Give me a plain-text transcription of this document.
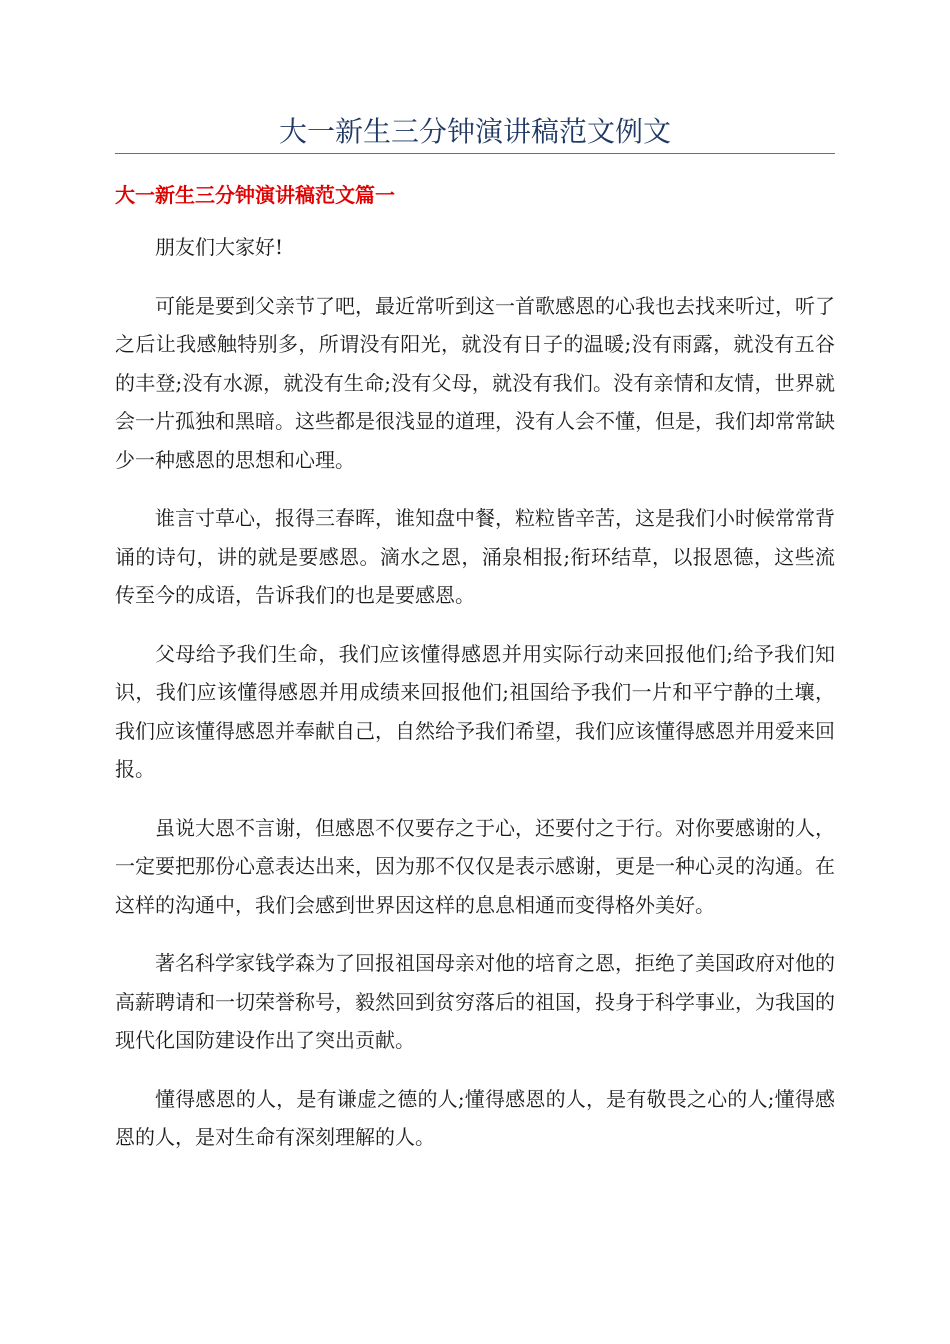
大一新生三分钟演讲稿范文例文
大一新生三分钟演讲稿范文篇一

朋友们大家好!

可能是要到父亲节了吧，最近常听到这一首歌感恩的心我也去找来听过，听了之后让我感触特别多，所谓没有阳光，就没有日子的温暖;没有雨露，就没有五谷的丰登;没有水源，就没有生命;没有父母，就没有我们。没有亲情和友情，世界就会一片孤独和黑暗。这些都是很浅显的道理，没有人会不懂，但是，我们却常常缺少一种感恩的思想和心理。

谁言寸草心，报得三春晖，谁知盘中餐，粒粒皆辛苦，这是我们小时候常常背诵的诗句，讲的就是要感恩。滴水之恩，涌泉相报;衔环结草，以报恩德，这些流传至今的成语，告诉我们的也是要感恩。

父母给予我们生命，我们应该懂得感恩并用实际行动来回报他们;给予我们知识，我们应该懂得感恩并用成绩来回报他们;祖国给予我们一片和平宁静的土壤，我们应该懂得感恩并奉献自己，自然给予我们希望，我们应该懂得感恩并用爱来回报。

虽说大恩不言谢，但感恩不仅要存之于心，还要付之于行。对你要感谢的人，一定要把那份心意表达出来，因为那不仅仅是表示感谢，更是一种心灵的沟通。在这样的沟通中，我们会感到世界因这样的息息相通而变得格外美好。

著名科学家钱学森为了回报祖国母亲对他的培育之恩，拒绝了美国政府对他的高薪聘请和一切荣誉称号，毅然回到贫穷落后的祖国，投身于科学事业，为我国的现代化国防建设作出了突出贡献。

懂得感恩的人，是有谦虚之德的人;懂得感恩的人，是有敬畏之心的人;懂得感恩的人，是对生命有深刻理解的人。
